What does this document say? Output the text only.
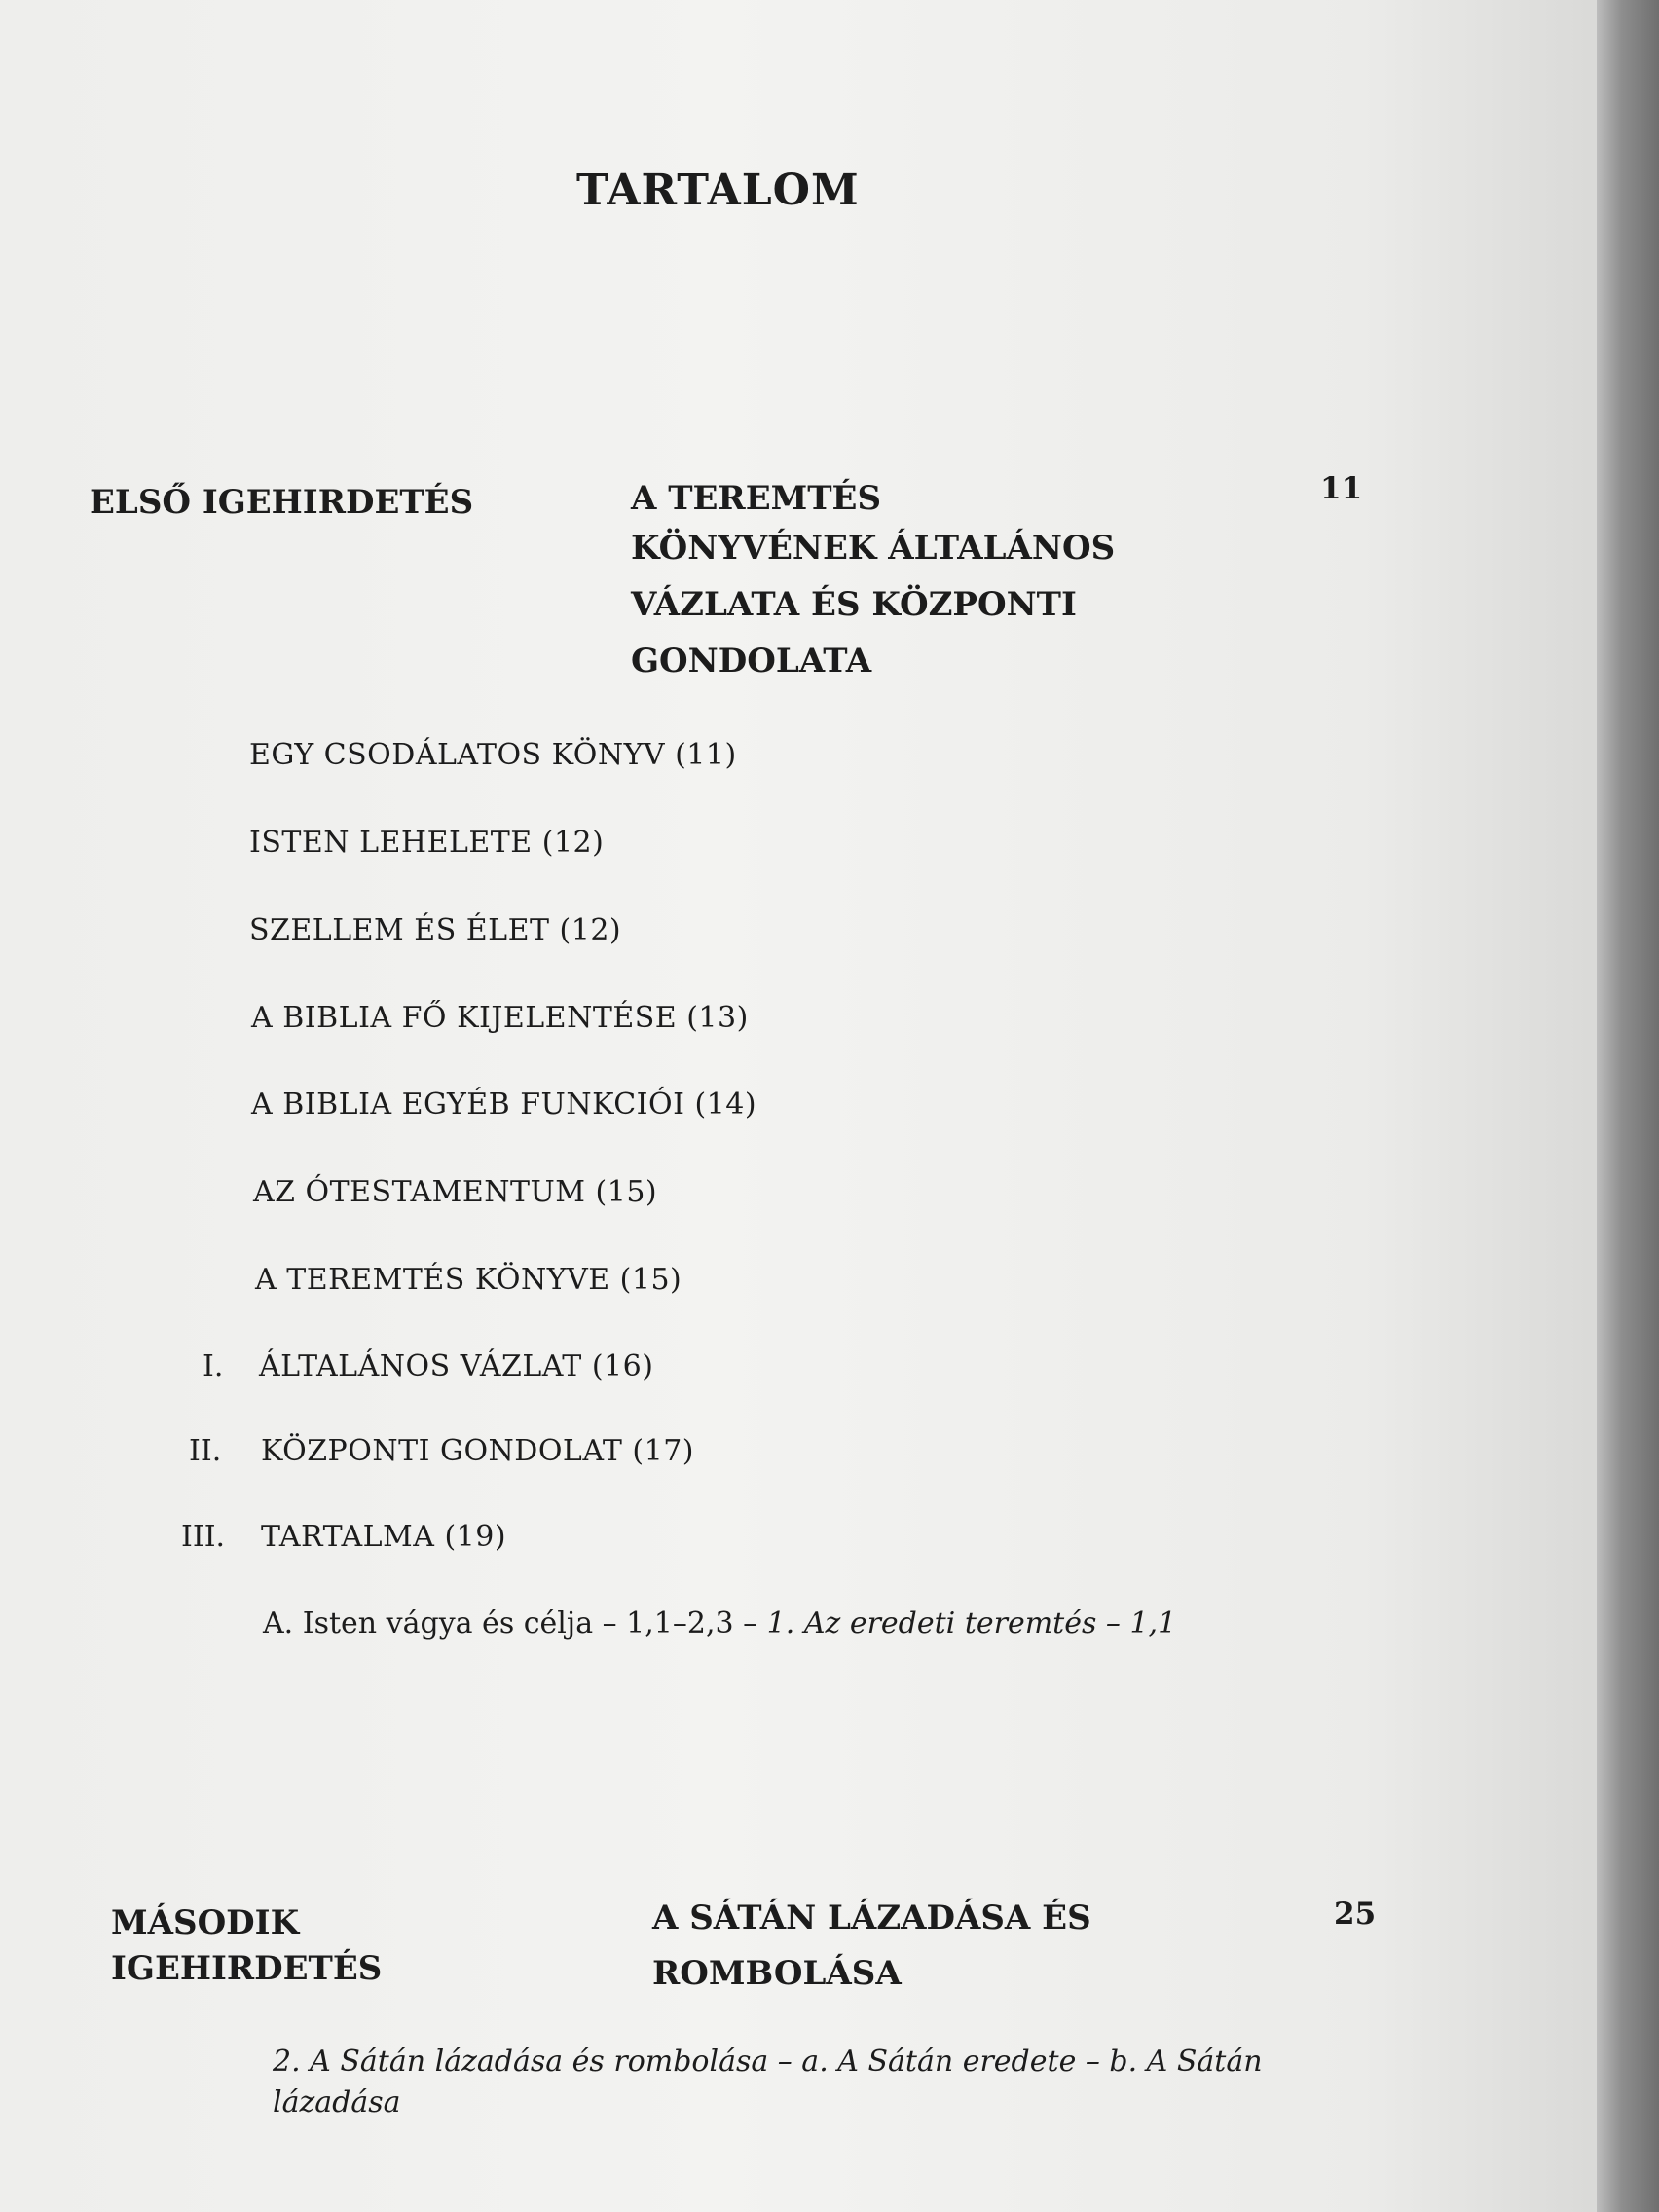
TARTALOM
ELSŐ IGEHIRDETÉS	A TEREMTÉS
KÖNYVÉNEK ÁLTALÁNOS
VÁZLATA ÉS KÖZPONTI
GONDOLATA
11
EGY CSODÁLATOS KÖNYV (11)
ISTEN LEHELETE (12)
SZELLEM ÉS ÉLET (12)
A BIBLIA FŐ KIJELENTÉSE (13)
A BIBLIA EGYÉB FUNKCIÓI (14)
AZ ÓTESTAMENTUM (15)
A TEREMTÉS KÖNYVE (15)
I. ÁLTALÁNOS VÁZLAT (16)
II. KÖZPONTI GONDOLAT (17)
III. TARTALMA (19)
A. Isten vágya és célja – 1,1–2,3 – 1. Az eredeti teremtés – 1,1
MÁSODIK
IGEHIRDETÉS
A SÁTÁN LÁZADÁSA ÉS
ROMBOLÁSA
25
2. A Sátán lázadása és rombolása – a. A Sátán eredete – b. A Sátán
lázadása
